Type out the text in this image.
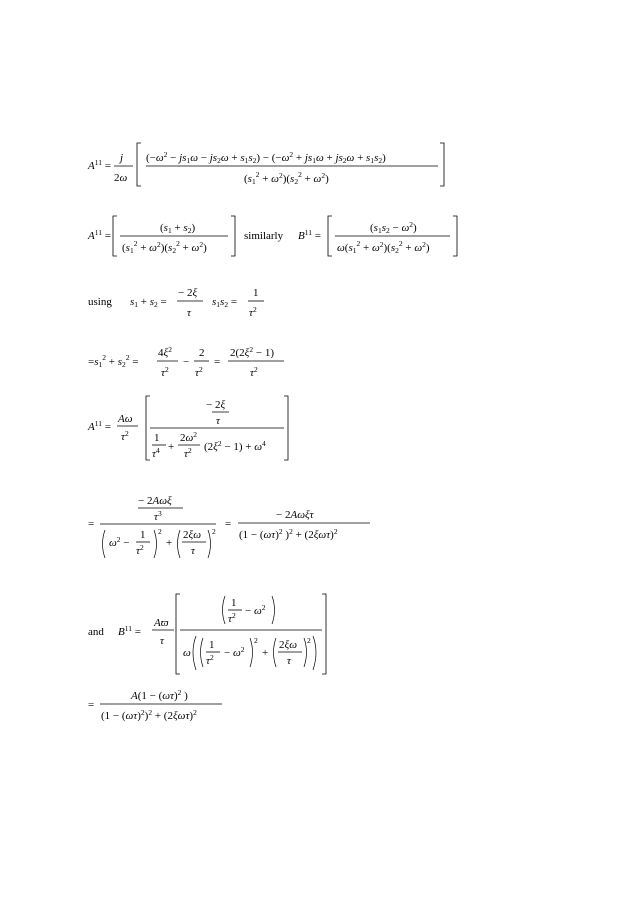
$A^{11}$ =
j
2ω
$(-\omega^2 - js1\omega - js2\omega + s1s2) - (-\omega^2 + js1\omega + js2\omega + s1s2)$
$(s1^2 + \omega^2)(s2^2 + \omega^2)$
$A^{11}$ =
(s1 + s2)
$(s1^2 + \omega^2)(s2^2 + \omega^2)$
similarly $B^{11}$ =
$(s1s2 - \omega^2)$
$\omega(s1^2 + \omega^2)(s2^2 + \omega^2)$
using s1 + s2 =
− 2ξ
τ
s1s2 =
1
$\tau^2$
$=s1^2 + s2^2$ =
$4\xi^2$
$\tau^2$
−
2
$\tau^2$
=
$2(2\xi^2 - 1)$
$\tau^2$
$A^{11}$ =
Aω
$\tau^2$
− 2ξ
τ
1
$\tau^4$ +
$2\omega^2$
$\tau^2$ $(2\xi^2 - 1) + \omega^4$
=
− 2Aωξ
$\tau^3$
$\omega^2$ −
1
$\tau^2$
2
+
2ξω
τ
2
=
− 2Aωξτ
($1 - (\omega\tau)^2$ )$^2 + (2\xi\omega\tau)^2$
and $B^{11}$ =
Aϖ
τ
1
$\tau^2 - \omega^2$
ω
1
$\tau^2 - \omega^2$
2
+
2ξω
τ
2
=
$A(1 - (\omega\tau)^2$ )
$(1 - (\omega\tau)^2)^2 + (2\xi\omega\tau)^2$
